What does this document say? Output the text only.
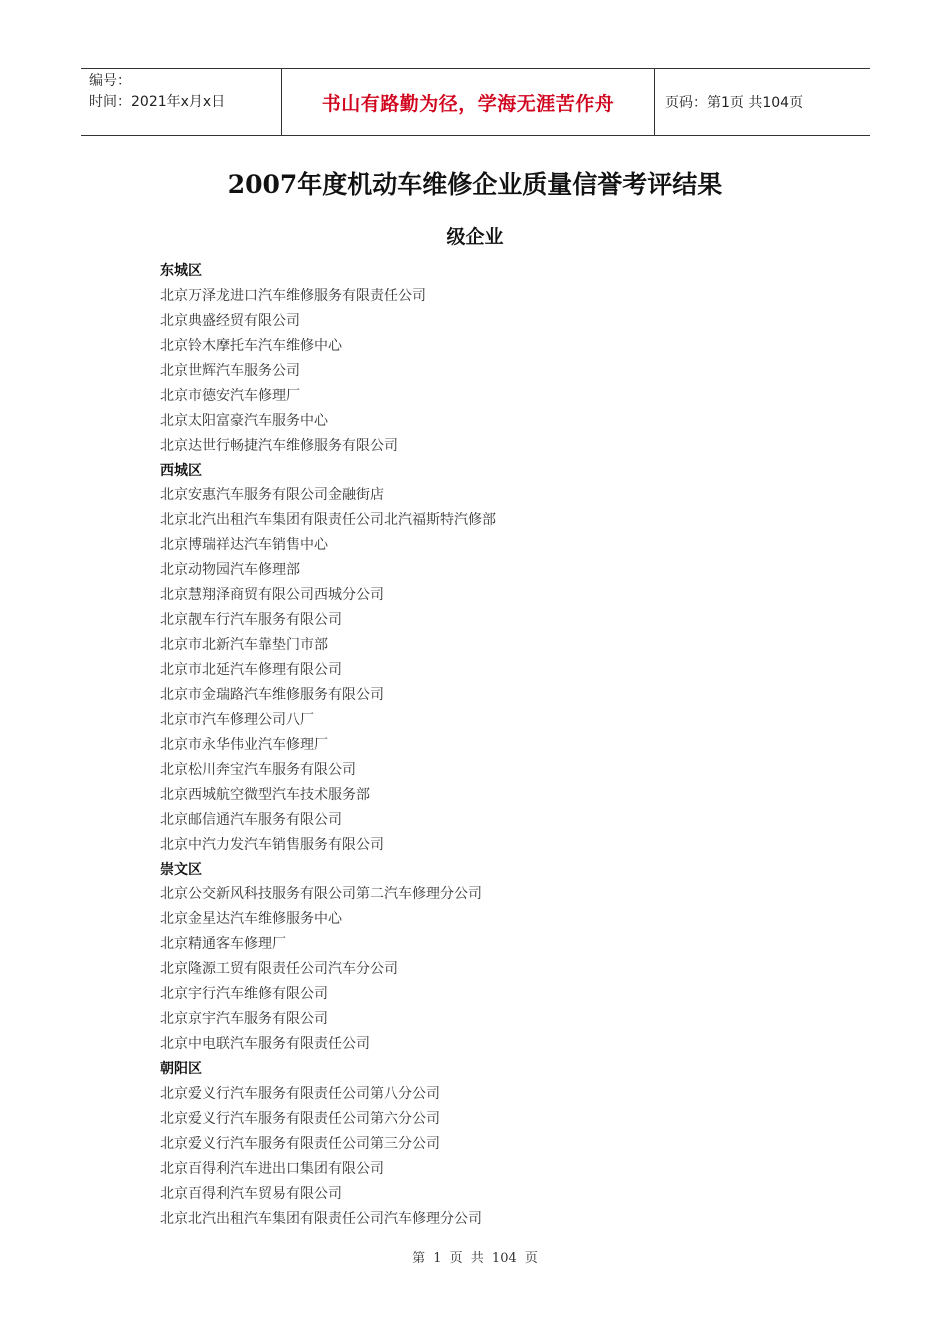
编号：
时间：2021年x月x日	书山有路勤为径，学海无涯苦作舟	页码：第1页 共104页
2007年度机动车维修企业质量信誉考评结果
级企业
东城区
北京万泽龙进口汽车维修服务有限责任公司
北京典盛经贸有限公司
北京铃木摩托车汽车维修中心
北京世辉汽车服务公司
北京市德安汽车修理厂
北京太阳富豪汽车服务中心
北京达世行畅捷汽车维修服务有限公司
西城区
北京安惠汽车服务有限公司金融街店
北京北汽出租汽车集团有限责任公司北汽福斯特汽修部
北京博瑞祥达汽车销售中心
北京动物园汽车修理部
北京慧翔泽商贸有限公司西城分公司
北京靓车行汽车服务有限公司
北京市北新汽车靠垫门市部
北京市北延汽车修理有限公司
北京市金瑞路汽车维修服务有限公司
北京市汽车修理公司八厂
北京市永华伟业汽车修理厂
北京松川奔宝汽车服务有限公司
北京西城航空微型汽车技术服务部
北京邮信通汽车服务有限公司
北京中汽力发汽车销售服务有限公司
崇文区
北京公交新风科技服务有限公司第二汽车修理分公司
北京金星达汽车维修服务中心
北京精通客车修理厂
北京隆源工贸有限责任公司汽车分公司
北京宇行汽车维修有限公司
北京京宇汽车服务有限公司
北京中电联汽车服务有限责任公司
朝阳区
北京爱义行汽车服务有限责任公司第八分公司
北京爱义行汽车服务有限责任公司第六分公司
北京爱义行汽车服务有限责任公司第三分公司
北京百得利汽车进出口集团有限公司
北京百得利汽车贸易有限公司
北京北汽出租汽车集团有限责任公司汽车修理分公司
第 1 页 共 104 页
